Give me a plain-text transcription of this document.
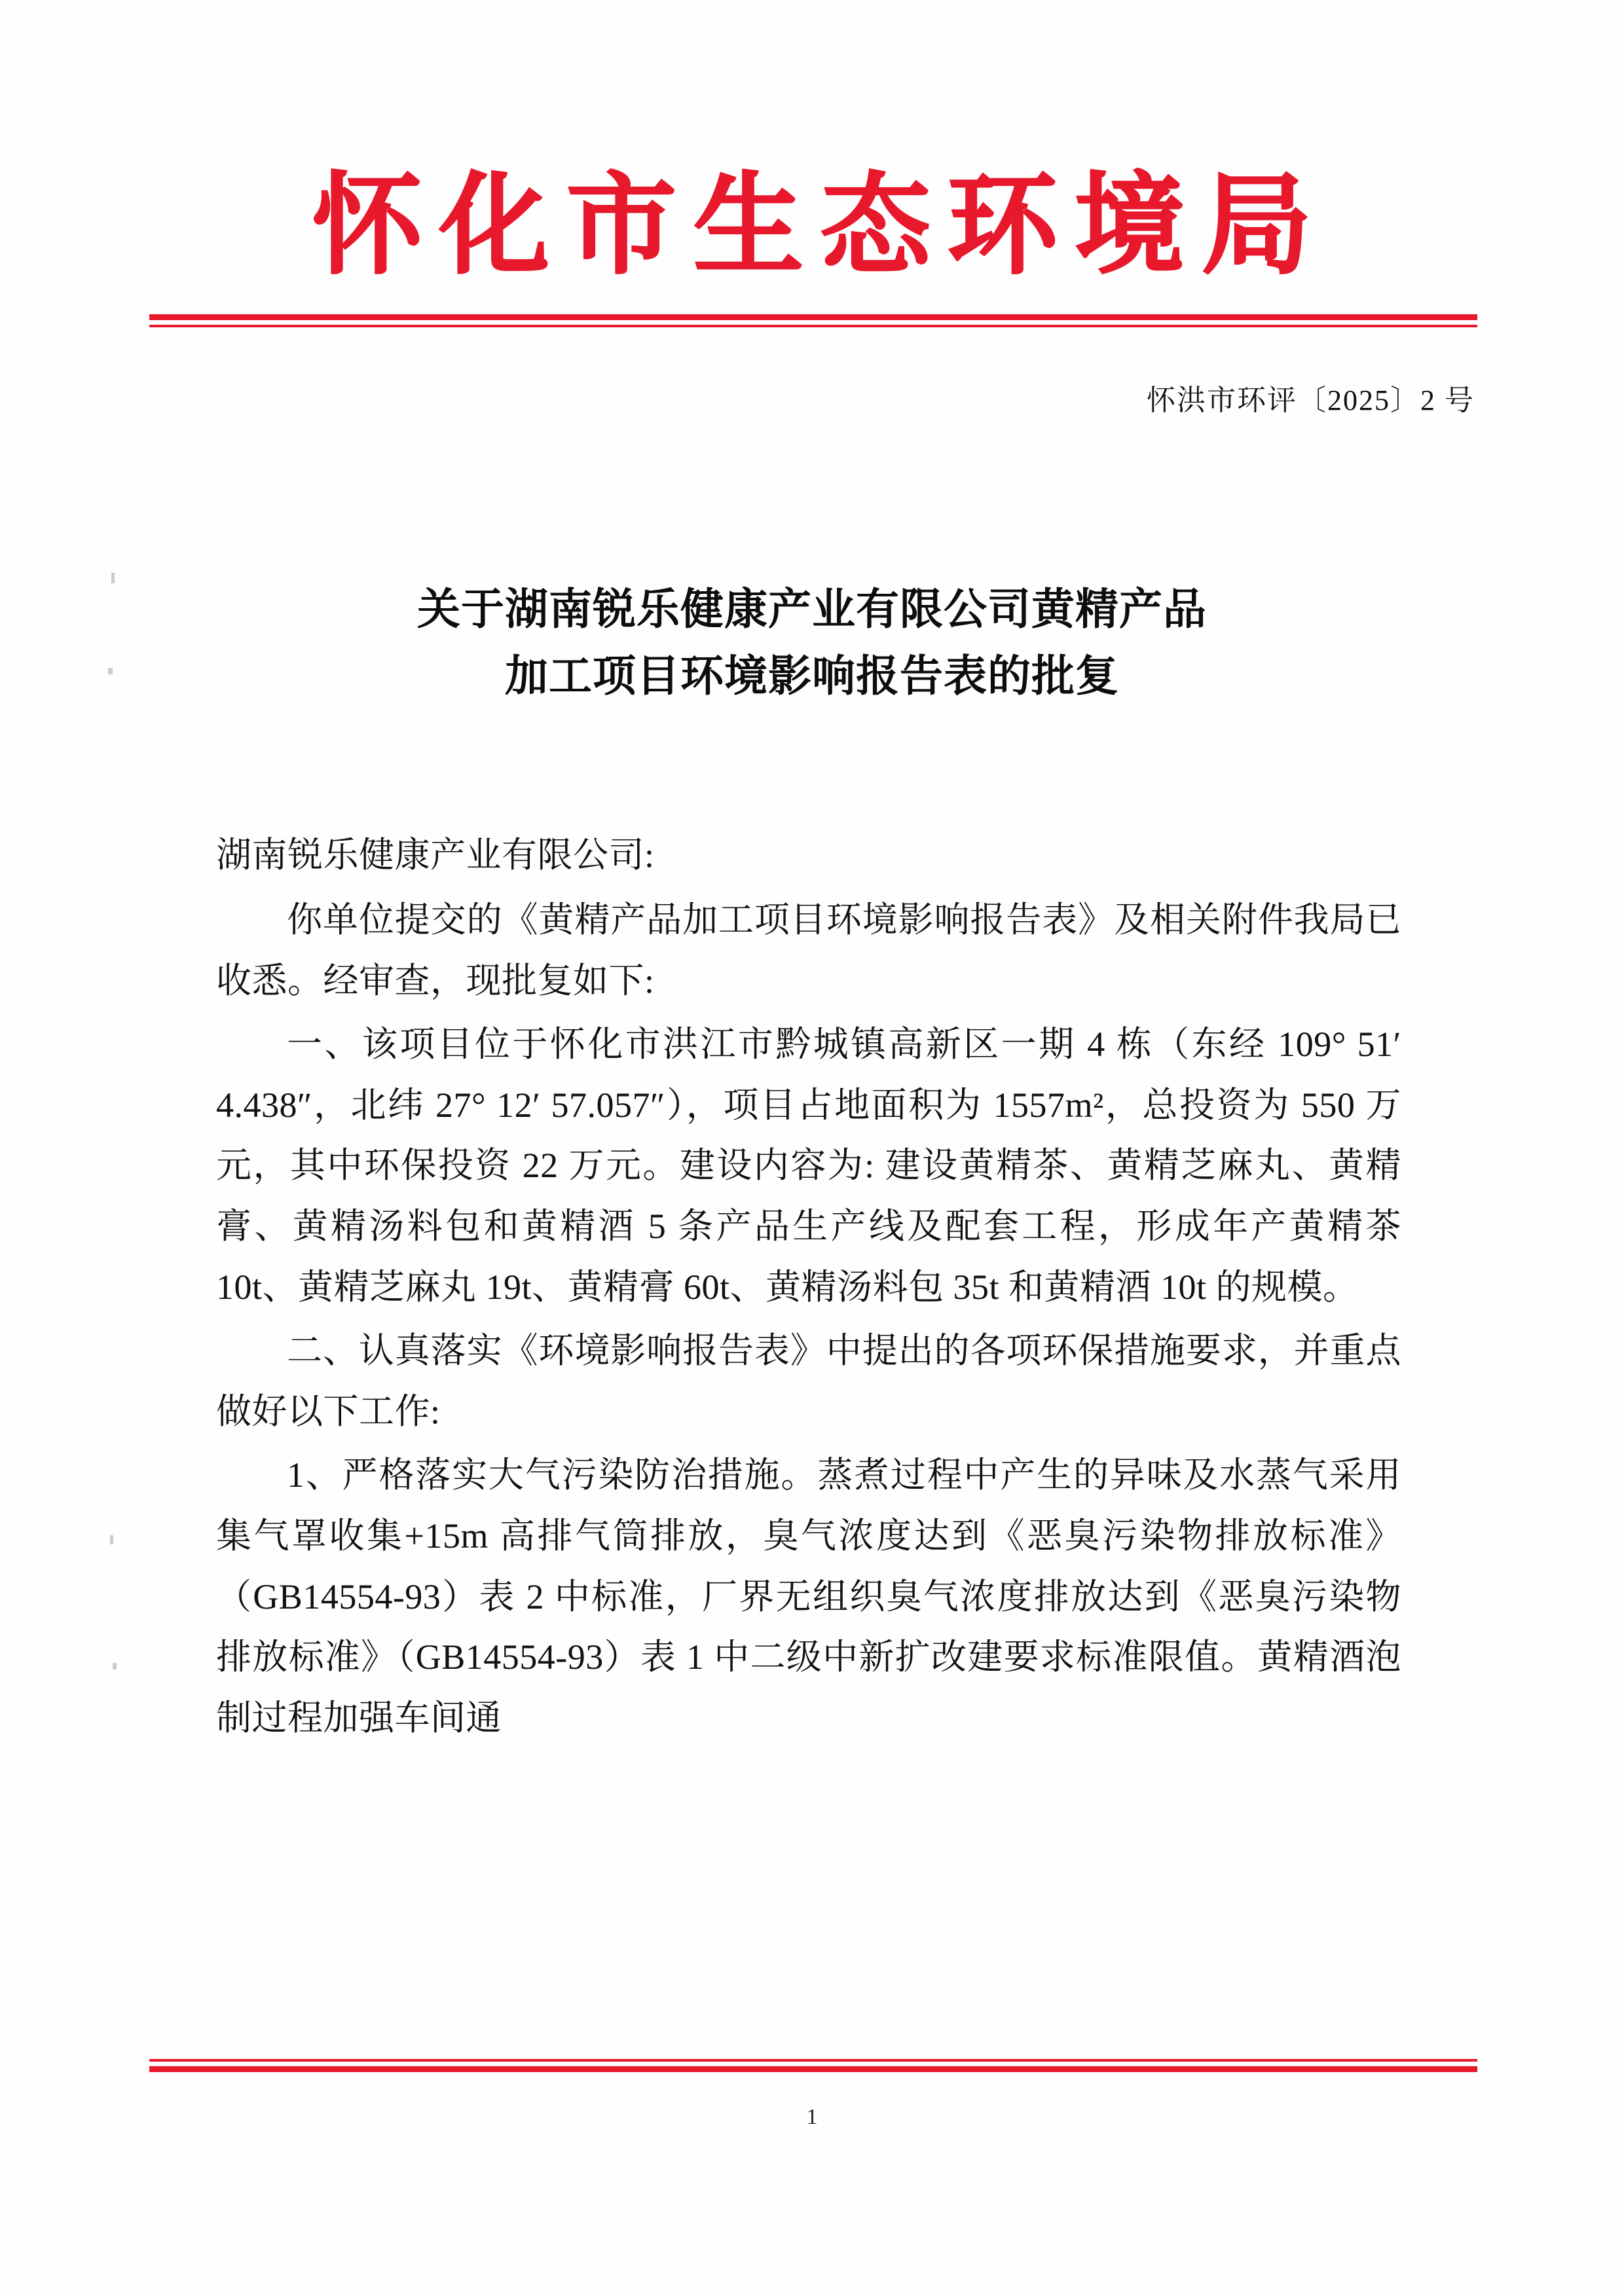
怀化市生态环境局
怀洪市环评〔2025〕2 号
关于湖南锐乐健康产业有限公司黄精产品
加工项目环境影响报告表的批复

湖南锐乐健康产业有限公司:

你单位提交的《黄精产品加工项目环境影响报告表》及相关附件我局已收悉。经审查，现批复如下:

一、该项目位于怀化市洪江市黔城镇高新区一期 4 栋（东经 109° 51′ 4.438″，北纬 27° 12′ 57.057″），项目占地面积为 1557m²，总投资为 550 万元，其中环保投资 22 万元。建设内容为: 建设黄精茶、黄精芝麻丸、黄精膏、黄精汤料包和黄精酒 5 条产品生产线及配套工程，形成年产黄精茶 10t、黄精芝麻丸 19t、黄精膏 60t、黄精汤料包 35t 和黄精酒 10t 的规模。

二、认真落实《环境影响报告表》中提出的各项环保措施要求，并重点做好以下工作:

1、严格落实大气污染防治措施。蒸煮过程中产生的异味及水蒸气采用集气罩收集+15m 高排气筒排放，臭气浓度达到《恶臭污染物排放标准》（GB14554-93）表 2 中标准，厂界无组织臭气浓度排放达到《恶臭污染物排放标准》（GB14554-93）表 1 中二级中新扩改建要求标准限值。黄精酒泡制过程加强车间通

1
